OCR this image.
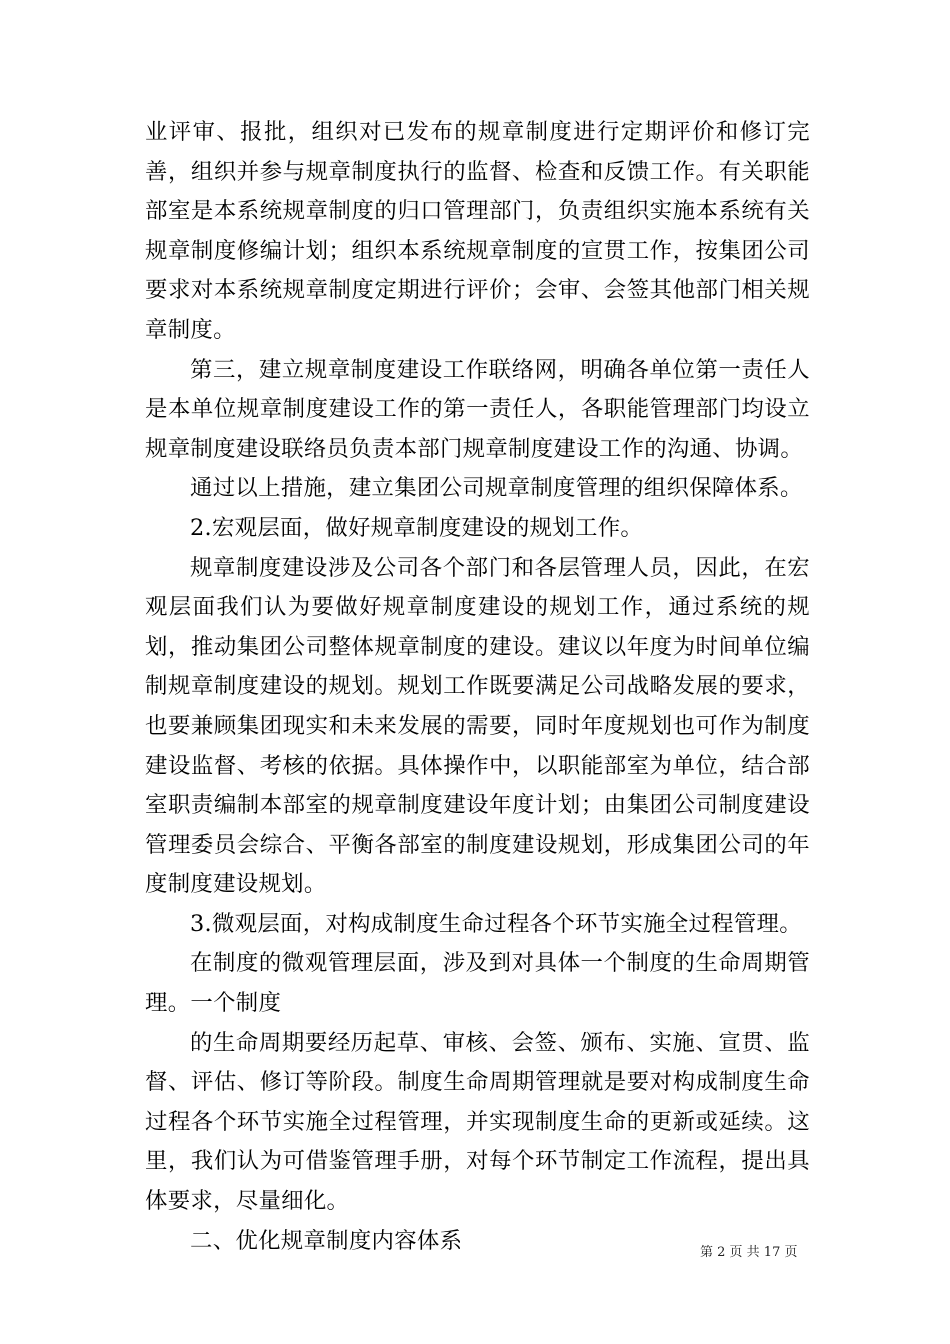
业评审、报批，组织对已发布的规章制度进行定期评价和修订完善，组织并参与规章制度执行的监督、检查和反馈工作。有关职能部室是本系统规章制度的归口管理部门，负责组织实施本系统有关规章制度修编计划；组织本系统规章制度的宣贯工作，按集团公司要求对本系统规章制度定期进行评价；会审、会签其他部门相关规章制度。

第三，建立规章制度建设工作联络网，明确各单位第一责任人是本单位规章制度建设工作的第一责任人，各职能管理部门均设立规章制度建设联络员负责本部门规章制度建设工作的沟通、协调。

通过以上措施，建立集团公司规章制度管理的组织保障体系。

2.宏观层面，做好规章制度建设的规划工作。

规章制度建设涉及公司各个部门和各层管理人员，因此，在宏观层面我们认为要做好规章制度建设的规划工作，通过系统的规划，推动集团公司整体规章制度的建设。建议以年度为时间单位编制规章制度建设的规划。规划工作既要满足公司战略发展的要求，也要兼顾集团现实和未来发展的需要，同时年度规划也可作为制度建设监督、考核的依据。具体操作中，以职能部室为单位，结合部室职责编制本部室的规章制度建设年度计划；由集团公司制度建设管理委员会综合、平衡各部室的制度建设规划，形成集团公司的年度制度建设规划。

3.微观层面，对构成制度生命过程各个环节实施全过程管理。

在制度的微观管理层面，涉及到对具体一个制度的生命周期管理。一个制度

的生命周期要经历起草、审核、会签、颁布、实施、宣贯、监督、评估、修订等阶段。制度生命周期管理就是要对构成制度生命过程各个环节实施全过程管理，并实现制度生命的更新或延续。这里，我们认为可借鉴管理手册，对每个环节制定工作流程，提出具体要求，尽量细化。

二、优化规章制度内容体系	第 2 页 共 17 页
